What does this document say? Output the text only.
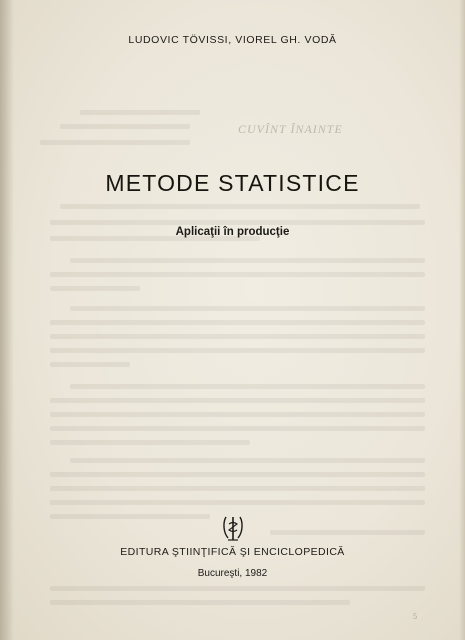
CUVÎNT ÎNAINTE
LUDOVIC TÖVISSI, VIOREL GH. VODĂ
METODE STATISTICE
Aplicaţii în producţie
EDITURA ŞTIINŢIFICĂ ŞI ENCICLOPEDICĂ
Bucureşti, 1982
5
